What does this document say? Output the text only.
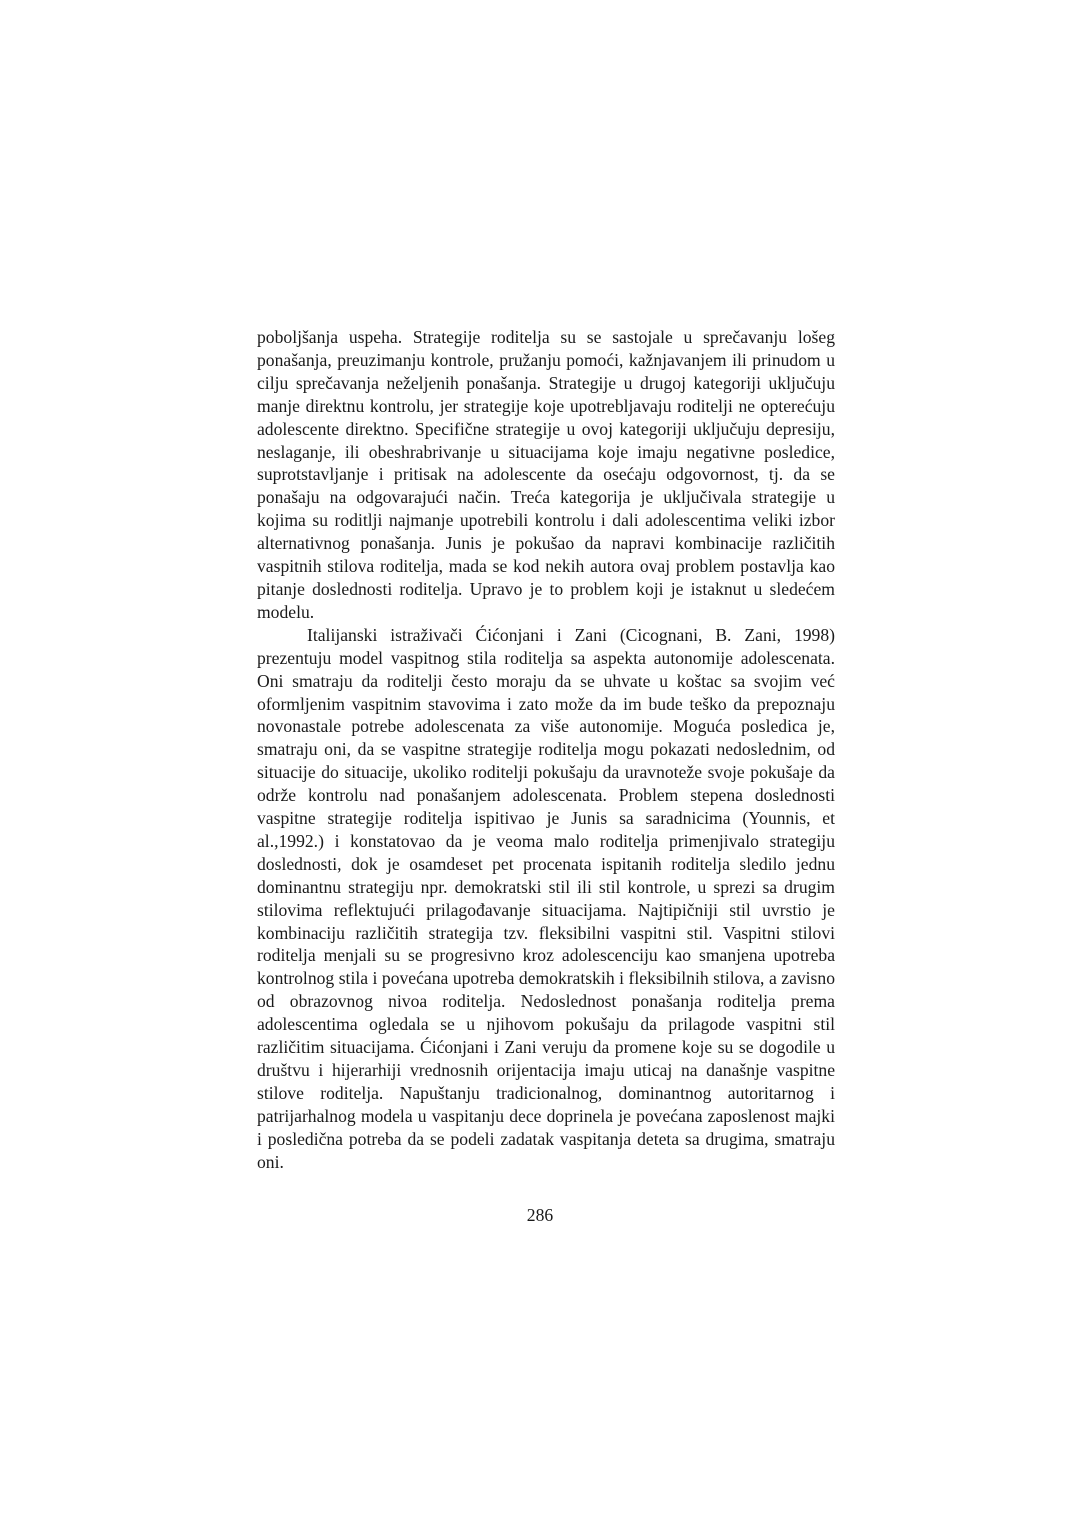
poboljšanja uspeha. Strategije roditelja su se sastojale u sprečavanju lošeg ponašanja, preuzimanju kontrole, pružanju pomoći, kažnjavanjem ili prinudom u cilju sprečavanja neželjenih ponašanja. Strategije u drugoj kategoriji uključuju manje direktnu kontrolu, jer strategije koje upotrebljavaju roditelji ne opterećuju adolescente direktno. Specifične strategije u ovoj kategoriji uključuju depresiju, neslaganje, ili obeshrabrivanje u situacijama koje imaju negativne posledice, suprotstavljanje i pritisak na adolescente da osećaju odgovornost, tj. da se ponašaju na odgovarajući način. Treća kategorija je uključivala strategije u kojima su roditlji najmanje upotrebili kontrolu i dali adolescentima veliki izbor alternativnog ponašanja. Junis je pokušao da napravi kombinacije različitih vaspitnih stilova roditelja, mada se kod nekih autora ovaj problem postavlja kao pitanje doslednosti roditelja. Upravo je to problem koji je istaknut u sledećem modelu.

Italijanski istraživači Ćićonjani i Zani (Cicognani, B. Zani, 1998) prezentuju model vaspitnog stila roditelja sa aspekta autonomije adolescenata. Oni smatraju da roditelji često moraju da se uhvate u koštac sa svojim već oformljenim vaspitnim stavovima i zato može da im bude teško da prepoznaju novonastale potrebe adolescenata za više autonomije. Moguća posledica je, smatraju oni, da se vaspitne strategije roditelja mogu pokazati nedoslednim, od situacije do situacije, ukoliko roditelji pokušaju da uravnoteže svoje pokušaje da održe kontrolu nad ponašanjem adolescenata. Problem stepena doslednosti vaspitne strategije roditelja ispitivao je Junis sa saradnicima (Younnis, et al.,1992.) i konstatovao da je veoma malo roditelja primenjivalo strategiju doslednosti, dok je osamdeset pet procenata ispitanih roditelja sledilo jednu dominantnu strategiju npr. demokratski stil ili stil kontrole, u sprezi sa drugim stilovima reflektujući prilagođavanje situacijama. Najtipičniji stil uvrstio je kombinaciju različitih strategija tzv. fleksibilni vaspitni stil. Vaspitni stilovi roditelja menjali su se progresivno kroz adolescenciju kao smanjena upotreba kontrolnog stila i povećana upotreba demokratskih i fleksibilnih stilova, a zavisno od obrazovnog nivoa roditelja. Nedoslednost ponašanja roditelja prema adolescentima ogledala se u njihovom pokušaju da prilagode vaspitni stil različitim situacijama. Ćićonjani i Zani veruju da promene koje su se dogodile u društvu i hijerarhiji vrednosnih orijentacija imaju uticaj na današnje vaspitne stilove roditelja. Napuštanju tradicionalnog, dominantnog autoritarnog i patrijarhalnog modela u vaspitanju dece doprinela je povećana zaposlenost majki i posledična potreba da se podeli zadatak vaspitanja deteta sa drugima, smatraju oni.

286
